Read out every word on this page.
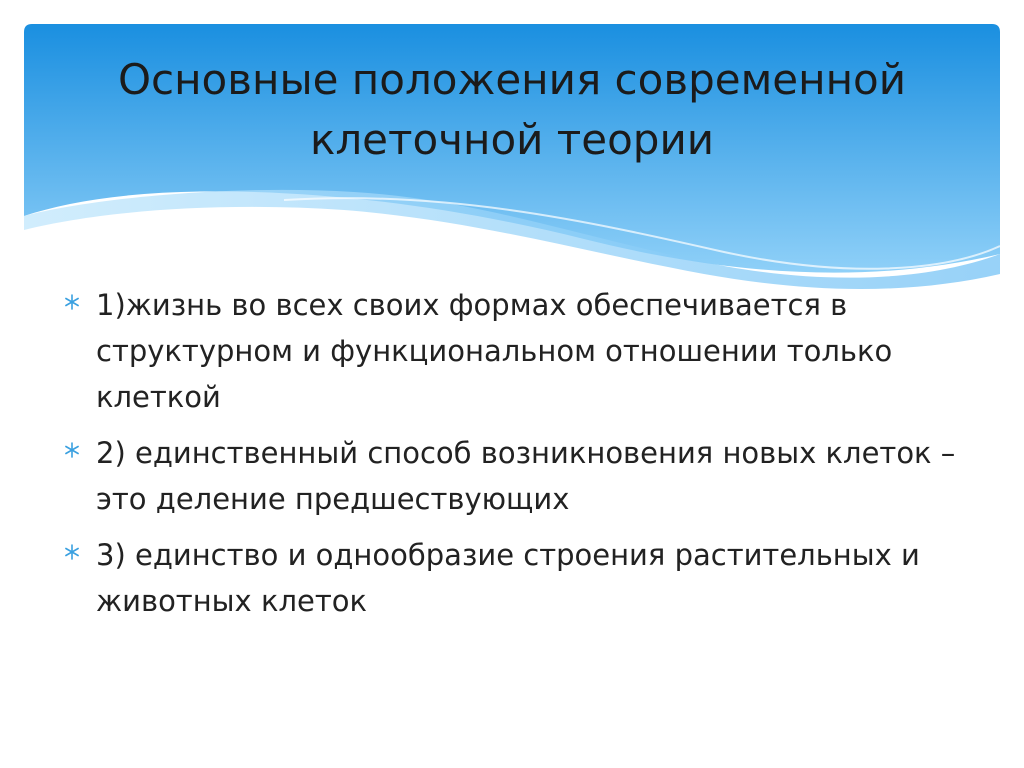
Основные положения современной
клеточной теории
1)жизнь во всех своих формах обеспечивается в структурном и функциональном отношении только клеткой
2) единственный способ возникновения новых клеток – это деление предшествующих
3) единство и однообразие строения растительных и животных клеток
